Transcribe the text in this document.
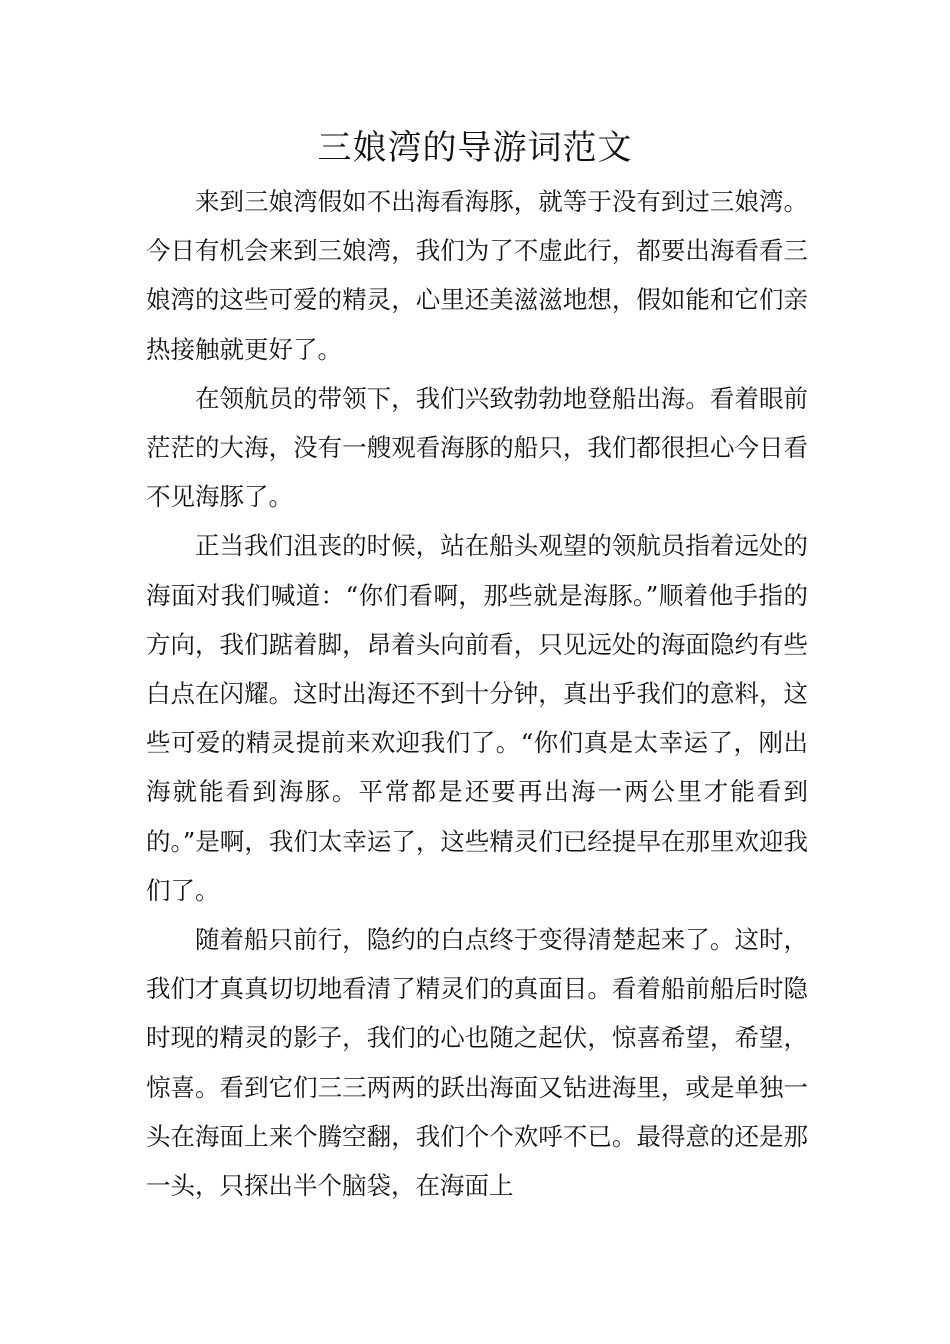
三娘湾的导游词范文

来到三娘湾假如不出海看海豚，就等于没有到过三娘湾。今日有机会来到三娘湾，我们为了不虚此行，都要出海看看三娘湾的这些可爱的精灵，心里还美滋滋地想，假如能和它们亲热接触就更好了。

在领航员的带领下，我们兴致勃勃地登船出海。看着眼前茫茫的大海，没有一艘观看海豚的船只，我们都很担心今日看不见海豚了。

正当我们沮丧的时候，站在船头观望的领航员指着远处的海面对我们喊道：“你们看啊，那些就是海豚。”顺着他手指的方向，我们踮着脚，昂着头向前看，只见远处的海面隐约有些白点在闪耀。这时出海还不到十分钟，真出乎我们的意料，这些可爱的精灵提前来欢迎我们了。“你们真是太幸运了，刚出海就能看到海豚。平常都是还要再出海一两公里才能看到的。”是啊，我们太幸运了，这些精灵们已经提早在那里欢迎我们了。

随着船只前行，隐约的白点终于变得清楚起来了。这时，我们才真真切切地看清了精灵们的真面目。看着船前船后时隐时现的精灵的影子，我们的心也随之起伏，惊喜希望，希望，惊喜。看到它们三三两两的跃出海面又钻进海里，或是单独一头在海面上来个腾空翻，我们个个欢呼不已。最得意的还是那一头，只探出半个脑袋，在海面上
